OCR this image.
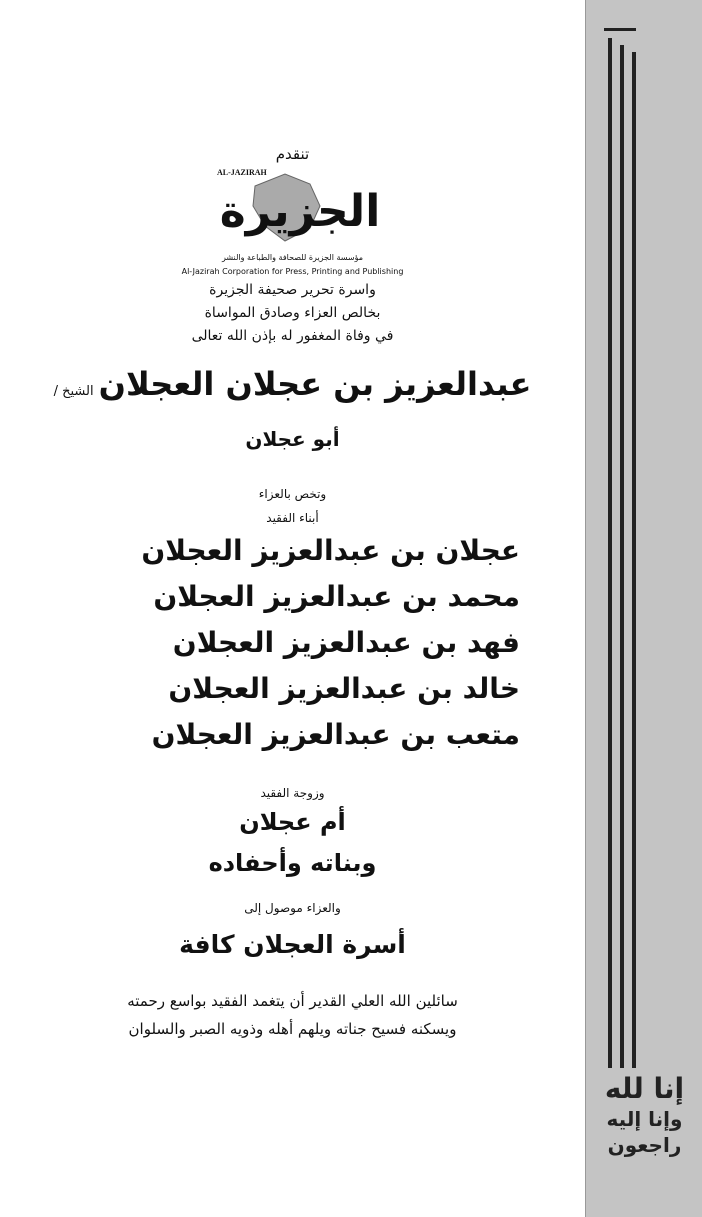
تنقدم
AL-JAZIRAH
الجزيرة
مؤسسة الجزيرة للصحافة والطباعة والنشر
Al-Jazirah Corporation for Press, Printing and Publishing
واسرة تحرير صحيفة الجزيرة
بخالص العزاء وصادق المواساة
في وفاة المغفور له بإذن الله تعالى
عبدالعزيز بن عجلان العجلان الشيخ /
أبو عجلان
وتخص بالعزاء
أبناء الفقيد
عجلان بن عبدالعزيز العجلان
محمد بن عبدالعزيز العجلان
فهد بن عبدالعزيز العجلان
خالد بن عبدالعزيز العجلان
متعب بن عبدالعزيز العجلان
وزوجة الفقيد
أم عجلان
وبناته وأحفاده
والعزاء موصول إلى
أسرة العجلان كافة
سائلين الله العلي القدير أن يتغمد الفقيد بواسع رحمته
ويسكنه فسيح جناته ويلهم أهله وذويه الصبر والسلوان
إنا لله
وإنا إليه
راجعون
